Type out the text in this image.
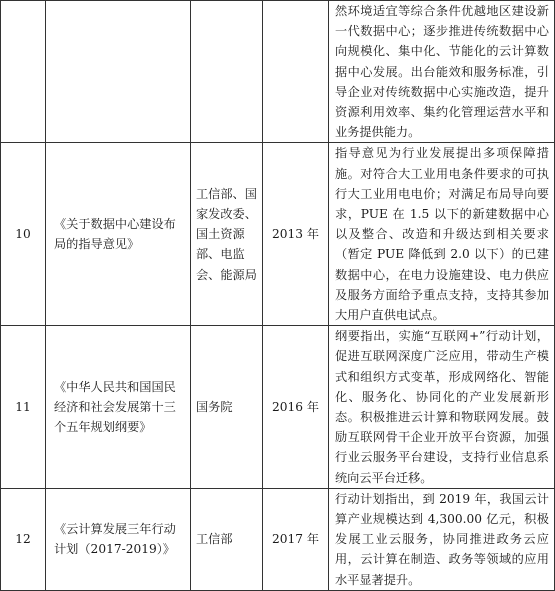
				然环境适宜等综合条件优越地区建设新一代数据中心；逐步推进传统数据中心向规模化、集中化、节能化的云计算数据中心发展。出台能效和服务标准，引导企业对传统数据中心实施改造，提升资源利用效率、集约化管理运营水平和业务提供能力。

10	《关于数据中心建设布局的指导意见》	工信部、国家发改委、国土资源部、电监会、能源局	2013 年	指导意见为行业发展提出多项保障措施。对符合大工业用电条件要求的可执行大工业用电电价；对满足布局导向要求，PUE 在 1.5 以下的新建数据中心以及整合、改造和升级达到相关要求（暂定 PUE 降低到 2.0 以下）的已建数据中心，在电力设施建设、电力供应及服务方面给予重点支持，支持其参加大用户直供电试点。

11	《中华人民共和国国民经济和社会发展第十三个五年规划纲要》	国务院	2016 年	纲要指出，实施“互联网+”行动计划，促进互联网深度广泛应用，带动生产模式和组织方式变革，形成网络化、智能化、服务化、协同化的产业发展新形态。积极推进云计算和物联网发展。鼓励互联网骨干企业开放平台资源，加强行业云服务平台建设，支持行业信息系统向云平台迁移。

12	《云计算发展三年行动计划（2017-2019）》	工信部	2017 年	行动计划指出，到 2019 年，我国云计算产业规模达到 4,300.00 亿元，积极发展工业云服务，协同推进政务云应用，云计算在制造、政务等领域的应用水平显著提升。
